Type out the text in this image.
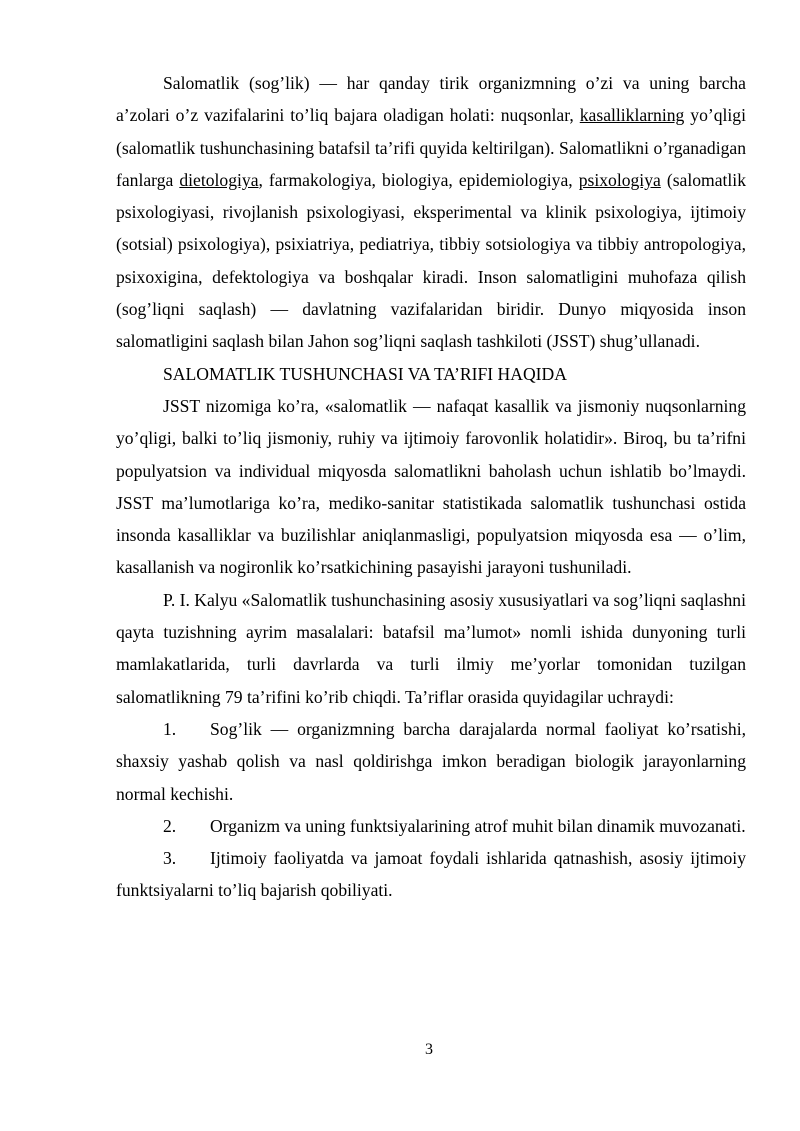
Salomatlik (sog’lik) — har qanday tirik organizmning o’zi va uning barcha a’zolari o’z vazifalarini to’liq bajara oladigan holati: nuqsonlar, kasalliklarning yo’qligi (salomatlik tushunchasining batafsil ta’rifi quyida keltirilgan). Salomatlikni o’rganadigan fanlarga dietologiya, farmakologiya, biologiya, epidemiologiya, psixologiya (salomatlik psixologiyasi, rivojlanish psixologiyasi, eksperimental va klinik psixologiya, ijtimoiy (sotsial) psixologiya), psixiatriya, pediatriya, tibbiy sotsiologiya va tibbiy antropologiya, psixoxigina, defektologiya va boshqalar kiradi. Inson salomatligini muhofaza qilish (sog’liqni saqlash) — davlatning vazifalaridan biridir. Dunyo miqyosida inson salomatligini saqlash bilan Jahon sog’liqni saqlash tashkiloti (JSST) shug’ullanadi.

SALOMATLIK TUSHUNCHASI VA TA’RIFI HAQIDA

JSST nizomiga ko’ra, «salomatlik — nafaqat kasallik va jismoniy nuqsonlarning yo’qligi, balki to’liq jismoniy, ruhiy va ijtimoiy farovonlik holatidir». Biroq, bu ta’rifni populyatsion va individual miqyosda salomatlikni baholash uchun ishlatib bo’lmaydi. JSST ma’lumotlariga ko’ra, mediko-sanitar statistikada salomatlik tushunchasi ostida insonda kasalliklar va buzilishlar aniqlanmasligi, populyatsion miqyosda esa — o’lim, kasallanish va nogironlik ko’rsatkichining pasayishi jarayoni tushuniladi.

P. I. Kalyu «Salomatlik tushunchasining asosiy xususiyatlari va sog’liqni saqlashni qayta tuzishning ayrim masalalari: batafsil ma’lumot» nomli ishida dunyoning turli mamlakatlarida, turli davrlarda va turli ilmiy me’yorlar tomonidan tuzilgan salomatlikning 79 ta’rifini ko’rib chiqdi. Ta’riflar orasida quyidagilar uchraydi:

1. Sog’lik — organizmning barcha darajalarda normal faoliyat ko’rsatishi, shaxsiy yashab qolish va nasl qoldirishga imkon beradigan biologik jarayonlarning normal kechishi.

2. Organizm va uning funktsiyalarining atrof muhit bilan dinamik muvozanati.

3. Ijtimoiy faoliyatda va jamoat foydali ishlarida qatnashish, asosiy ijtimoiy funktsiyalarni to’liq bajarish qobiliyati.

3
